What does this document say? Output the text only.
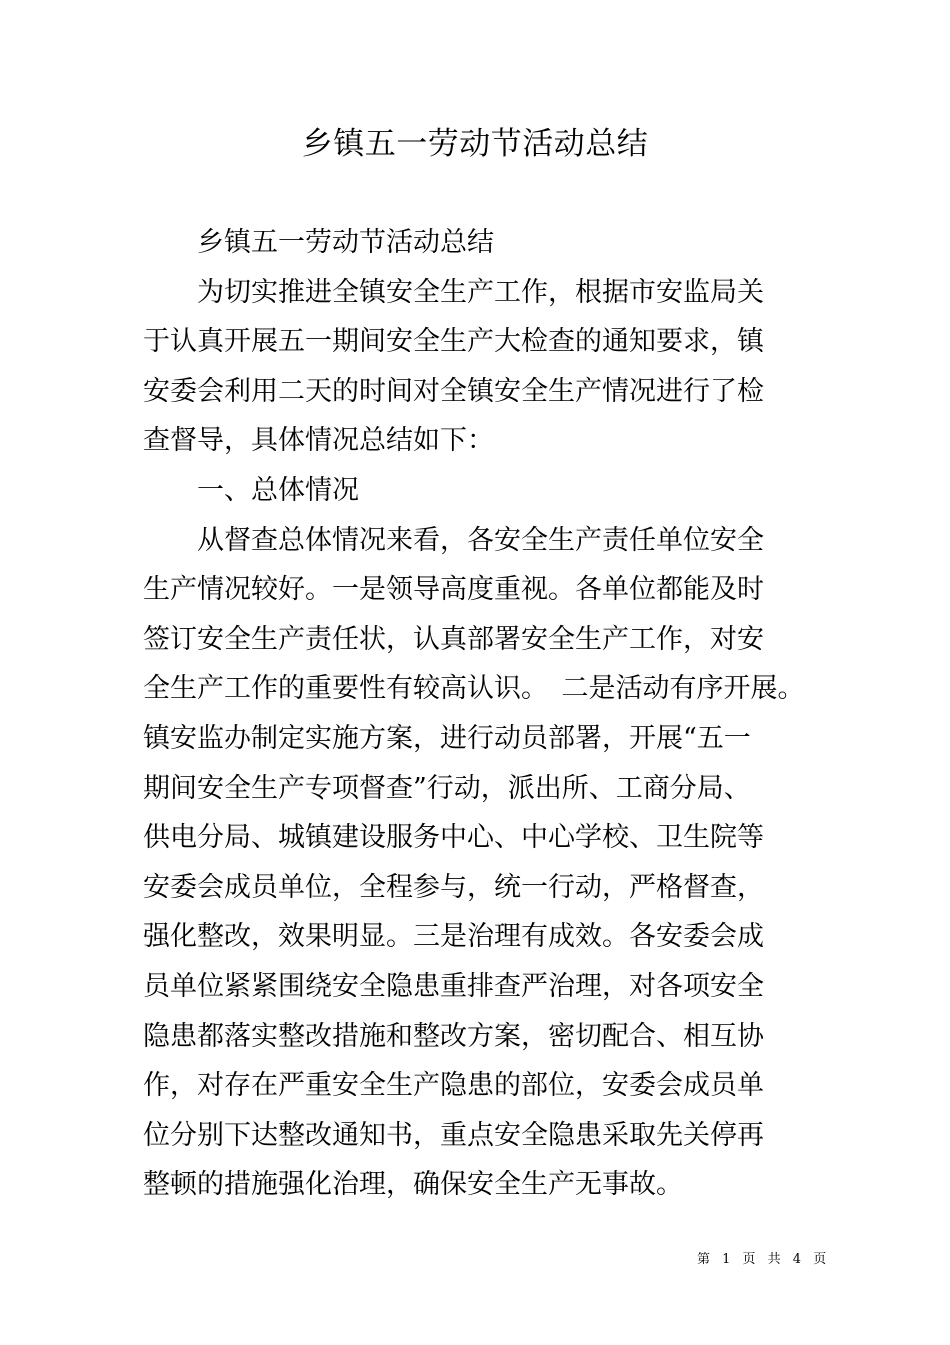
乡镇五一劳动节活动总结

乡镇五一劳动节活动总结

为切实推进全镇安全生产工作，根据市安监局关
于认真开展五一期间安全生产大检查的通知要求，镇
安委会利用二天的时间对全镇安全生产情况进行了检
查督导，具体情况总结如下：

一、总体情况

从督查总体情况来看，各安全生产责任单位安全
生产情况较好。一是领导高度重视。各单位都能及时
签订安全生产责任状，认真部署安全生产工作，对安
全生产工作的重要性有较高认识。　二是活动有序开展。
镇安监办制定实施方案，进行动员部署，开展“五一
期间安全生产专项督查”行动，派出所、工商分局、
供电分局、城镇建设服务中心、中心学校、卫生院等
安委会成员单位，全程参与，统一行动，严格督查，
强化整改，效果明显。三是治理有成效。各安委会成
员单位紧紧围绕安全隐患重排查严治理，对各项安全
隐患都落实整改措施和整改方案，密切配合、相互协
作，对存在严重安全生产隐患的部位，安委会成员单
位分别下达整改通知书，重点安全隐患采取先关停再
整顿的措施强化治理，确保安全生产无事故。

第 1 页 共 4 页
